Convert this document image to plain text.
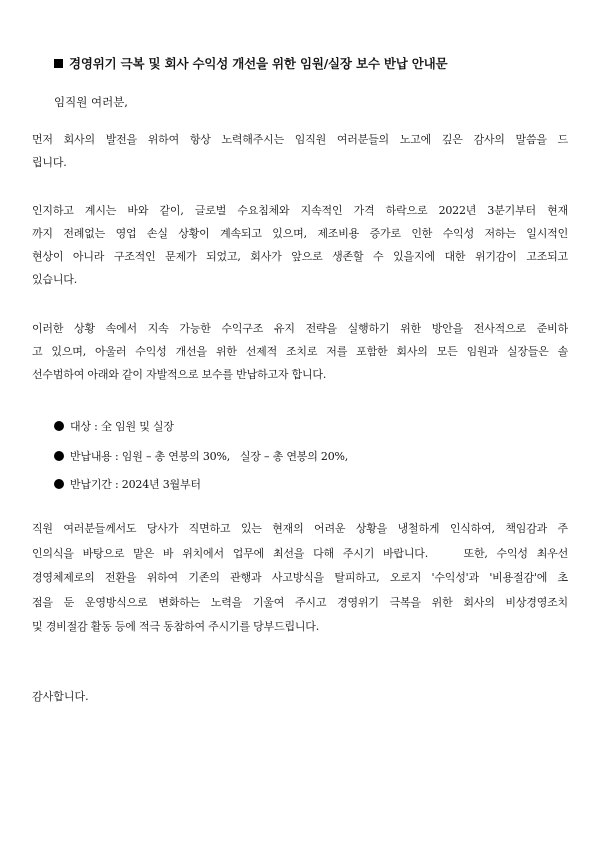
경영위기 극복 및 회사 수익성 개선을 위한 임원/실장 보수 반납 안내문
임직원 여러분,
먼저 회사의 발전을 위하여 항상 노력해주시는 임직원 여러분들의 노고에 깊은 감사의 말씀을 드
립니다.
인지하고 계시는 바와 같이, 글로벌 수요침체와 지속적인 가격 하락으로 2022년 3분기부터 현재
까지 전례없는 영업 손실 상황이 계속되고 있으며, 제조비용 증가로 인한 수익성 저하는 일시적인
현상이 아니라 구조적인 문제가 되었고, 회사가 앞으로 생존할 수 있을지에 대한 위기감이 고조되고
있습니다.
이러한 상황 속에서 지속 가능한 수익구조 유지 전략을 실행하기 위한 방안을 전사적으로 준비하
고 있으며, 아울러 수익성 개선을 위한 선제적 조치로 저를 포함한 회사의 모든 임원과 실장들은 솔
선수범하여 아래와 같이 자발적으로 보수를 반납하고자 합니다.
대상 : 全 임원 및 실장
반납내용 : 임원 – 총 연봉의 30%,   실장 – 총 연봉의 20%,
반납기간 : 2024년 3월부터
직원 여러분들께서도 당사가 직면하고 있는 현재의 어려운 상황을 냉철하게 인식하여, 책임감과 주
인의식을 바탕으로 맡은 바 위치에서 업무에 최선을 다해 주시기 바랍니다.    또한, 수익성 최우선
경영체제로의 전환을 위하여 기존의 관행과 사고방식을 탈피하고, 오로지 '수익성'과 '비용절감'에 초
점을 둔 운영방식으로 변화하는 노력을 기울여 주시고 경영위기 극복을 위한 회사의 비상경영조치
및 경비절감 활동 등에 적극 동참하여 주시기를 당부드립니다.
감사합니다.
